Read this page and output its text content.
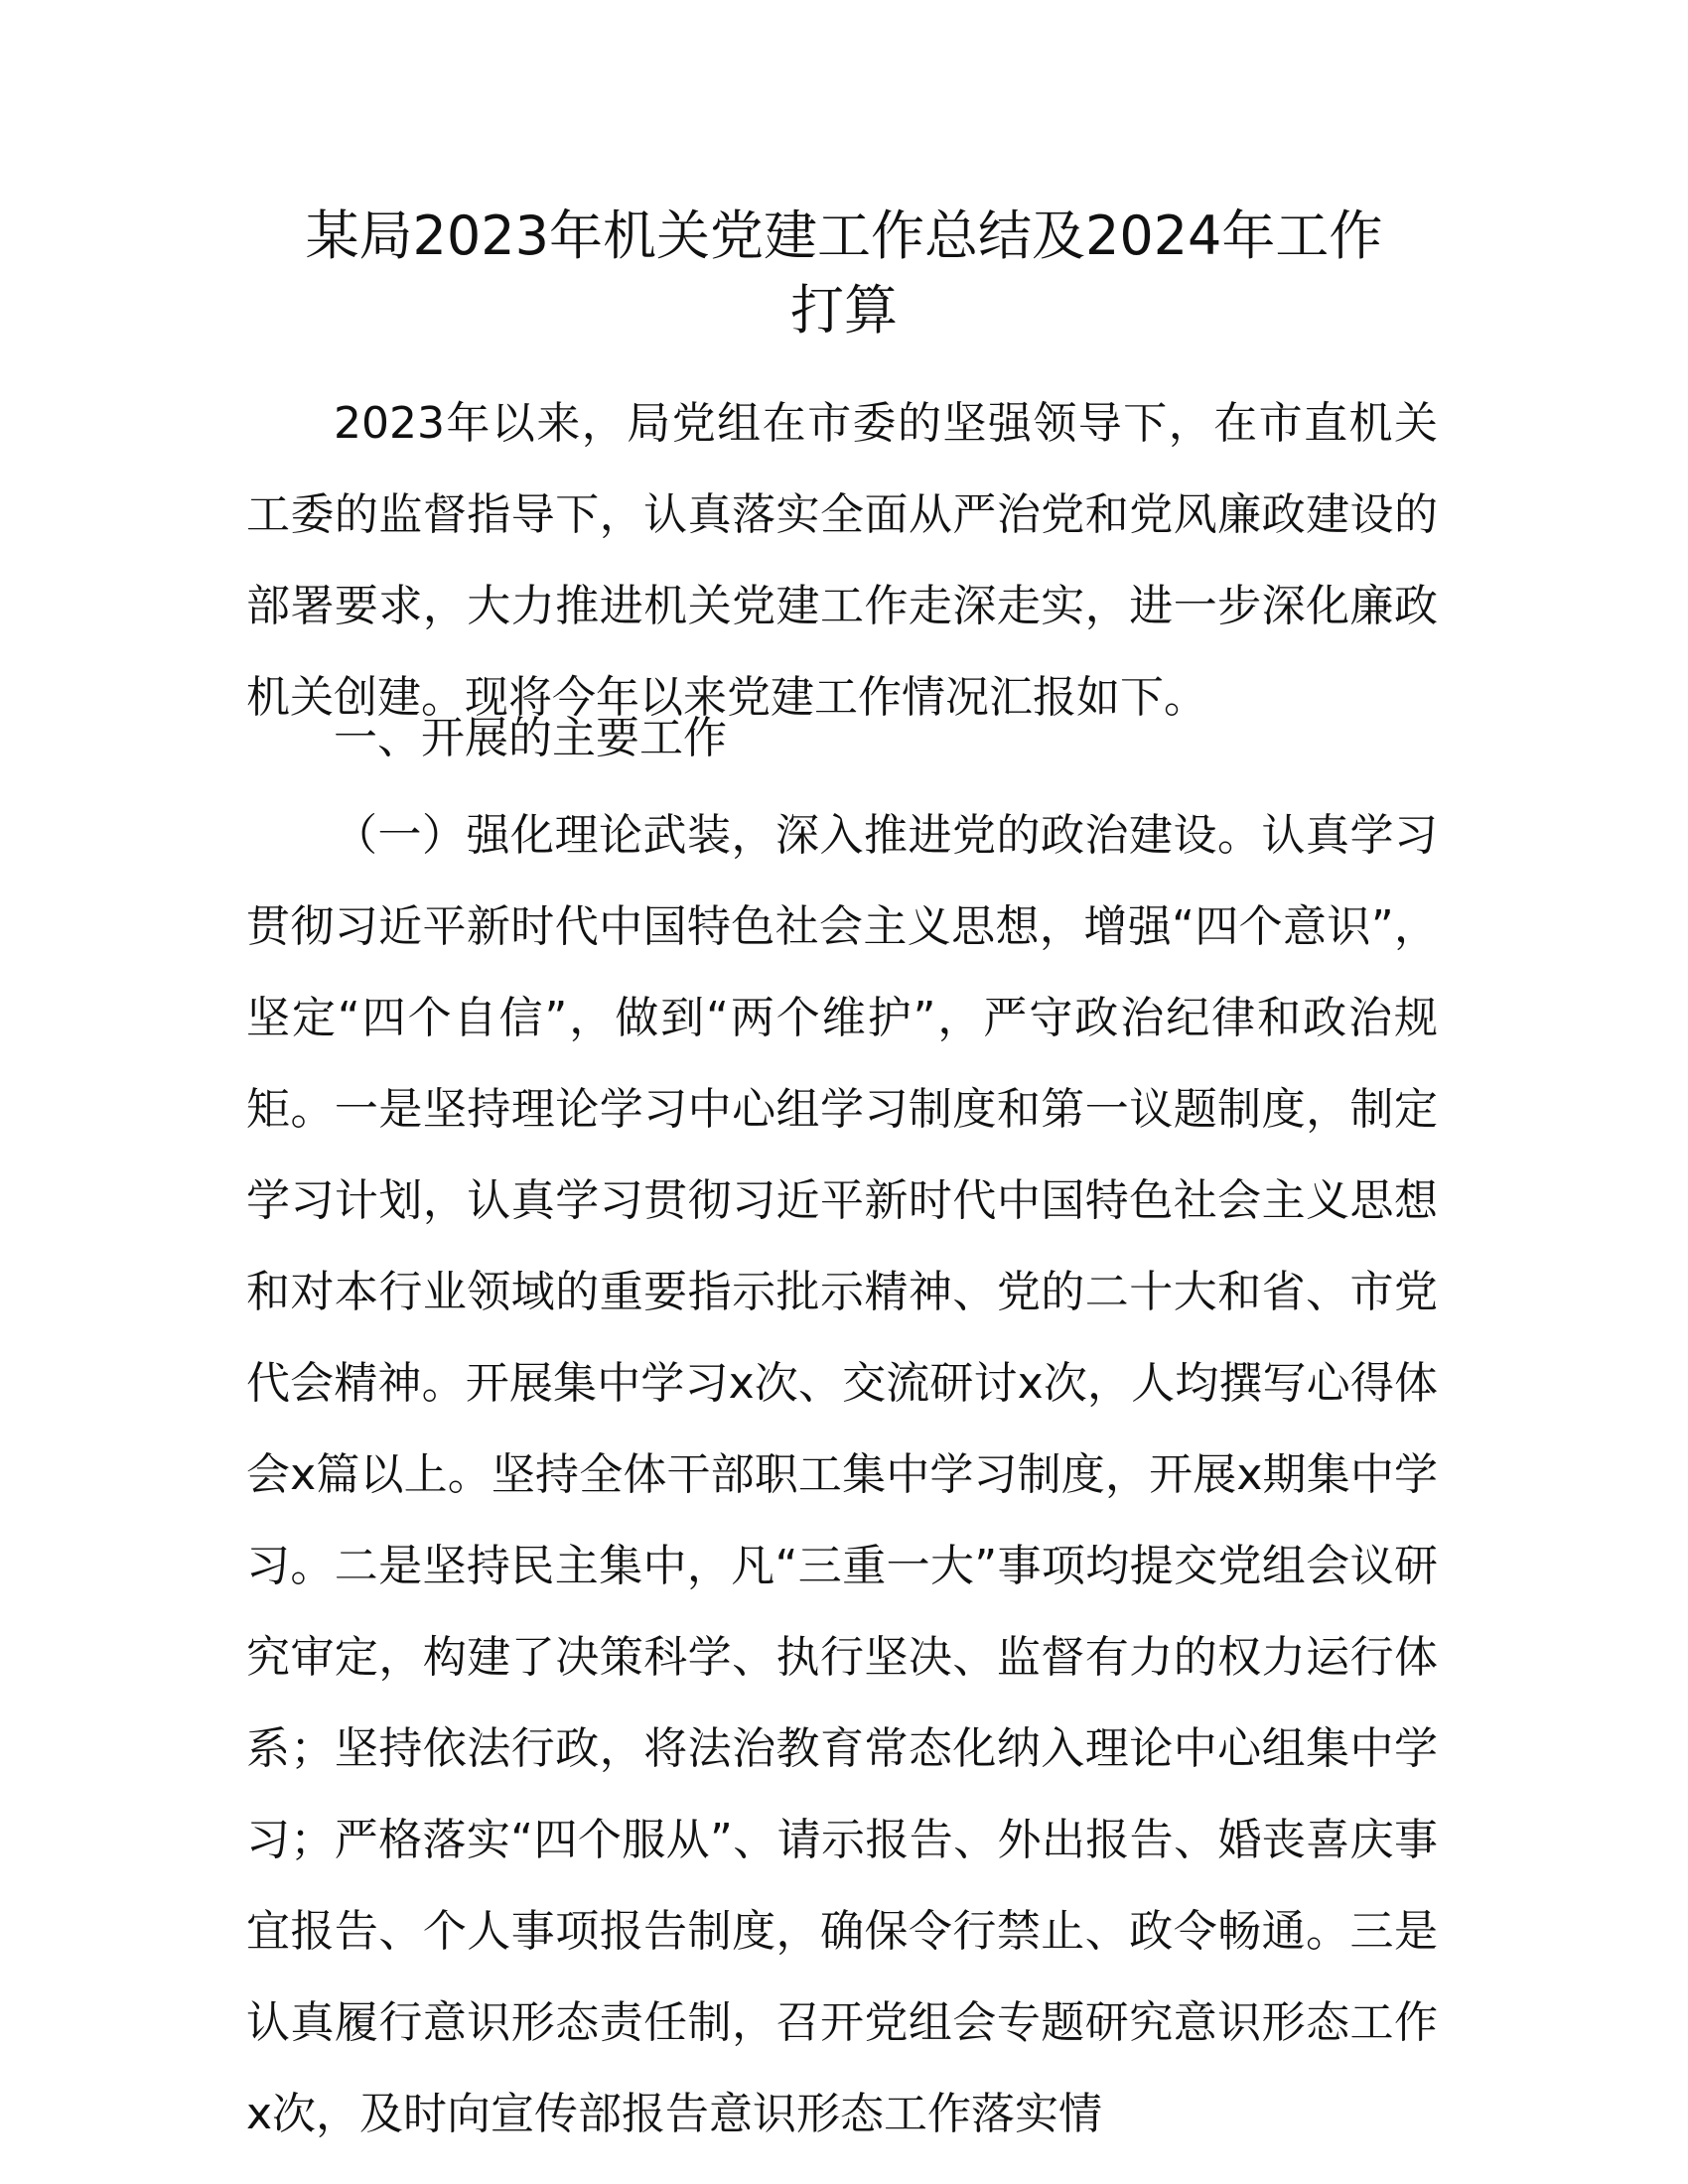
某局2023年机关党建工作总结及2024年工作
打算

2023年以来，局党组在市委的坚强领导下，在市直机关工委的监督指导下，认真落实全面从严治党和党风廉政建设的部署要求，大力推进机关党建工作走深走实，进一步深化廉政机关创建。现将今年以来党建工作情况汇报如下。

一、开展的主要工作

（一）强化理论武装，深入推进党的政治建设。认真学习贯彻习近平新时代中国特色社会主义思想，增强“四个意识”，坚定“四个自信”，做到“两个维护”，严守政治纪律和政治规矩。一是坚持理论学习中心组学习制度和第一议题制度，制定学习计划，认真学习贯彻习近平新时代中国特色社会主义思想和对本行业领域的重要指示批示精神、党的二十大和省、市党代会精神。开展集中学习x次、交流研讨x次，人均撰写心得体会x篇以上。坚持全体干部职工集中学习制度，开展x期集中学习。二是坚持民主集中，凡“三重一大”事项均提交党组会议研究审定，构建了决策科学、执行坚决、监督有力的权力运行体系；坚持依法行政，将法治教育常态化纳入理论中心组集中学习；严格落实“四个服从”、请示报告、外出报告、婚丧喜庆事宜报告、个人事项报告制度，确保令行禁止、政令畅通。三是认真履行意识形态责任制，召开党组会专题研究意识形态工作x次，及时向宣传部报告意识形态工作落实情
